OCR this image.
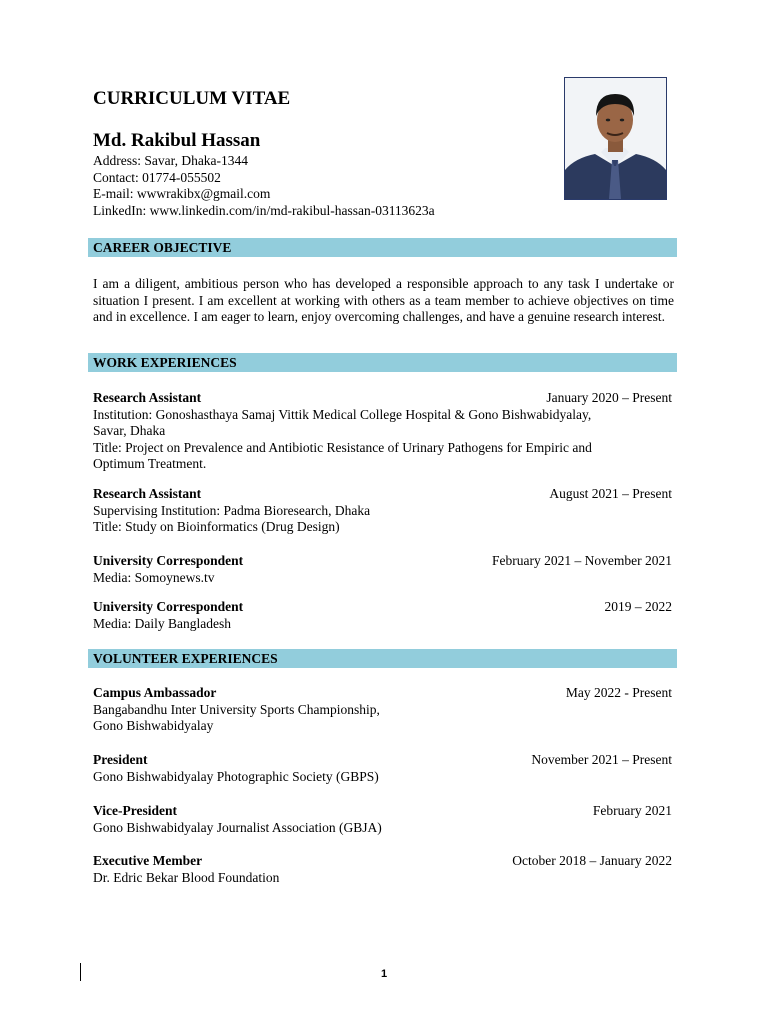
CURRICULUM VITAE
Md. Rakibul Hassan
Address: Savar, Dhaka-1344
Contact: 01774-055502
E-mail: wwwrakibx@gmail.com
LinkedIn: www.linkedin.com/in/md-rakibul-hassan-03113623a
CAREER OBJECTIVE
I am a diligent, ambitious person who has developed a responsible approach to any task I undertake or situation I present. I am excellent at working with others as a team member to achieve objectives on time and in excellence. I am eager to learn, enjoy overcoming challenges, and have a genuine research interest.
WORK EXPERIENCES
Research Assistant	January 2020 – Present
Institution: Gonoshasthaya Samaj Vittik Medical College Hospital & Gono Bishwabidyalay,
Savar, Dhaka
Title: Project on Prevalence and Antibiotic Resistance of Urinary Pathogens for Empiric and
Optimum Treatment.
Research Assistant	August 2021 – Present
Supervising Institution: Padma Bioresearch, Dhaka
Title: Study on Bioinformatics (Drug Design)
University Correspondent	February 2021 – November 2021
Media: Somoynews.tv
University Correspondent	2019 – 2022
Media: Daily Bangladesh
VOLUNTEER EXPERIENCES
Campus Ambassador	May 2022 - Present
Bangabandhu Inter University Sports Championship,
Gono Bishwabidyalay
President	November 2021 – Present
Gono Bishwabidyalay Photographic Society (GBPS)
Vice-President	February 2021
Gono Bishwabidyalay Journalist Association (GBJA)
Executive Member	October 2018 – January 2022
Dr. Edric Bekar Blood Foundation
1
